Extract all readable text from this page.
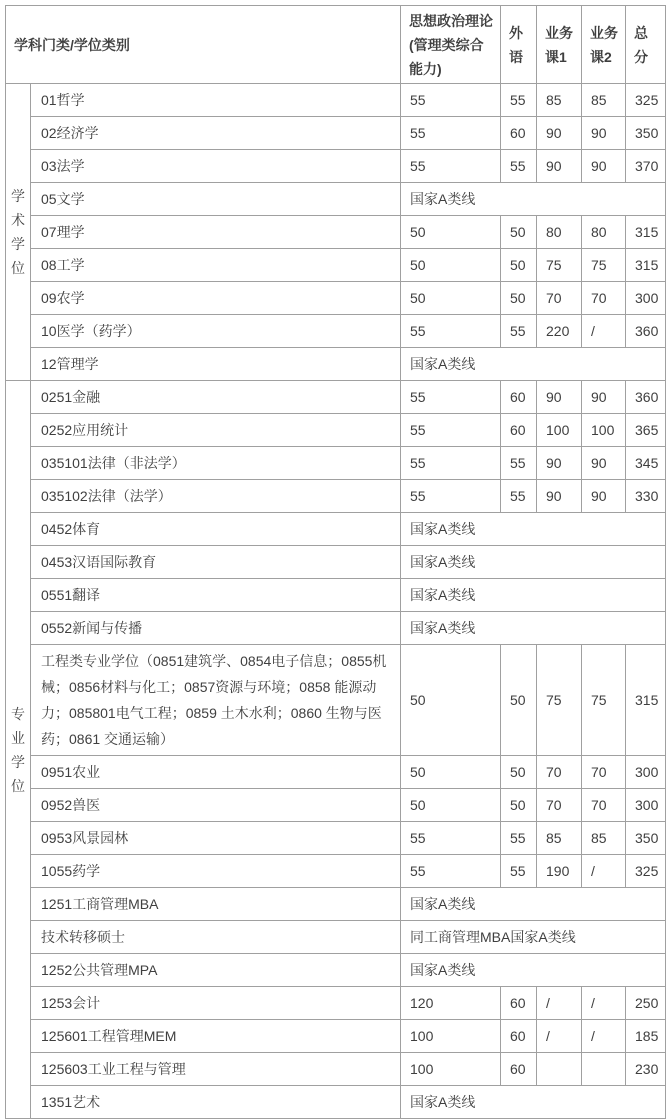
学科门类/学位类别		思想政治理论(管理类综合能力)	外语	业务课1	业务课2	总分

学术学位	01哲学	55	55	85	85	325
	02经济学	55	60	90	90	350
	03法学	55	55	90	90	370
	05文学	国家A类线				
	07理学	50	50	80	80	315
	08工学	50	50	75	75	315
	09农学	50	50	70	70	300
	10医学（药学）	55	55	220	/	360
	12管理学	国家A类线				

专业学位	0251金融	55	60	90	90	360
	0252应用统计	55	60	100	100	365
	035101法律（非法学）	55	55	90	90	345
	035102法律（法学）	55	55	90	90	330
	0452体育	国家A类线				
	0453汉语国际教育	国家A类线				
	0551翻译	国家A类线				
	0552新闻与传播	国家A类线				
	工程类专业学位（0851建筑学、0854电子信息；0855机械；0856材料与化工；0857资源与环境；0858 能源动力；085801电气工程；0859 土木水利；0860 生物与医药；0861 交通运输）	50	50	75	75	315
	0951农业	50	50	70	70	300
	0952兽医	50	50	70	70	300
	0953风景园林	55	55	85	85	350
	1055药学	55	55	190	/	325
	1251工商管理MBA	国家A类线				
	技术转移硕士	同工商管理MBA国家A类线				
	1252公共管理MPA	国家A类线				
	1253会计	120	60	/	/	250
	125601工程管理MEM	100	60	/	/	185
	125603工业工程与管理	100	60			230
	1351艺术	国家A类线				
